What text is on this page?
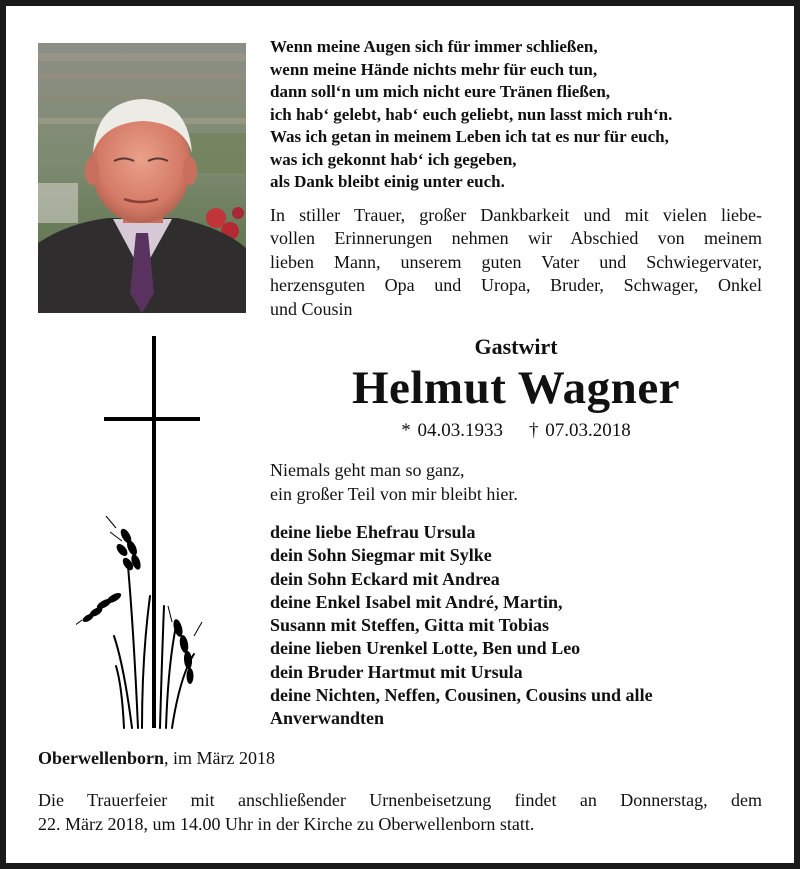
Wenn meine Augen sich für immer schließen,
wenn meine Hände nichts mehr für euch tun,
dann soll‘n um mich nicht eure Tränen fließen,
ich hab‘ gelebt, hab‘ euch geliebt, nun lasst mich ruh‘n.
Was ich getan in meinem Leben ich tat es nur für euch,
was ich gekonnt hab‘ ich gegeben,
als Dank bleibt einig unter euch.
In stiller Trauer, großer Dankbarkeit und mit vielen liebe-
vollen Erinnerungen nehmen wir Abschied von meinem
lieben Mann, unserem guten Vater und Schwiegervater,
herzensguten Opa und Uropa, Bruder, Schwager, Onkel
und Cousin
Gastwirt
Helmut Wagner
* 04.03.1933 † 07.03.2018
Niemals geht man so ganz,
ein großer Teil von mir bleibt hier.
deine liebe Ehefrau Ursula
dein Sohn Siegmar mit Sylke
dein Sohn Eckard mit Andrea
deine Enkel Isabel mit André, Martin,
Susann mit Steffen, Gitta mit Tobias
deine lieben Urenkel Lotte, Ben und Leo
dein Bruder Hartmut mit Ursula
deine Nichten, Neffen, Cousinen, Cousins und alle
Anverwandten
Oberwellenborn, im März 2018
Die Trauerfeier mit anschließender Urnenbeisetzung findet an Donnerstag, dem
22. März 2018, um 14.00 Uhr in der Kirche zu Oberwellenborn statt.
